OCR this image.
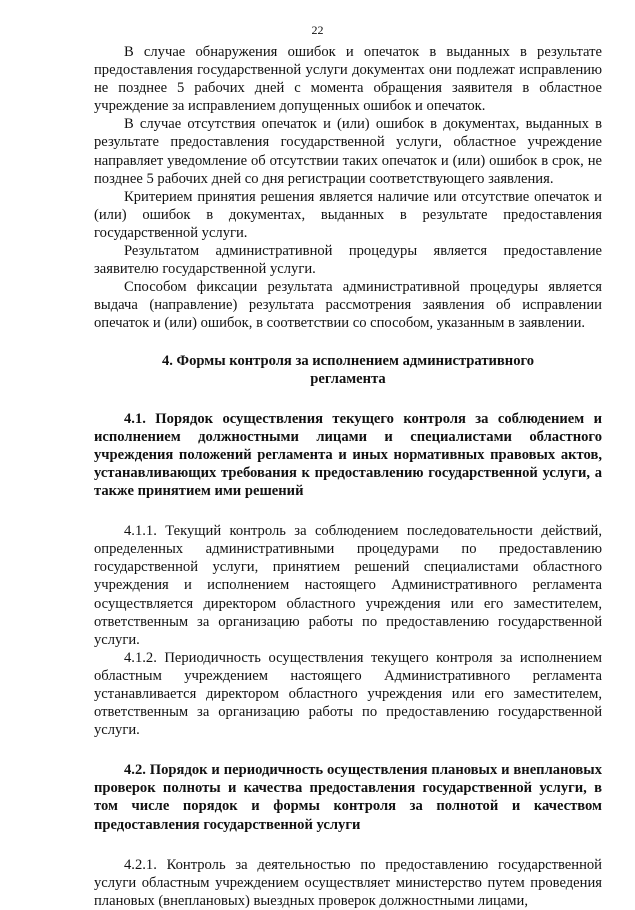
22

В случае обнаружения ошибок и опечаток в выданных в результате предоставления государственной услуги документах они подлежат исправлению не позднее 5 рабочих дней с момента обращения заявителя в областное учреждение за исправлением допущенных ошибок и опечаток.

В случае отсутствия опечаток и (или) ошибок в документах, выданных в результате предоставления государственной услуги, областное учреждение направляет уведомление об отсутствии таких опечаток и (или) ошибок в срок, не позднее 5 рабочих дней со дня регистрации соответствующего заявления.

Критерием принятия решения является наличие или отсутствие опечаток и (или) ошибок в документах, выданных в результате предоставления государственной услуги.

Результатом административной процедуры является предоставление заявителю государственной услуги.

Способом фиксации результата административной процедуры является выдача (направление) результата рассмотрения заявления об исправлении опечаток и (или) ошибок, в соответствии со способом, указанным в заявлении.

4. Формы контроля за исполнением административного регламента
4.1. Порядок осуществления текущего контроля за соблюдением и исполнением должностными лицами и специалистами областного учреждения положений регламента и иных нормативных правовых актов, устанавливающих требования к предоставлению государственной услуги, а также принятием ими решений

4.1.1. Текущий контроль за соблюдением последовательности действий, определенных административными процедурами по предоставлению государственной услуги, принятием решений специалистами областного учреждения и исполнением настоящего Административного регламента осуществляется директором областного учреждения или его заместителем, ответственным за организацию работы по предоставлению государственной услуги.

4.1.2. Периодичность осуществления текущего контроля за исполнением областным учреждением настоящего Административного регламента устанавливается директором областного учреждения или его заместителем, ответственным за организацию работы по предоставлению государственной услуги.

4.2. Порядок и периодичность осуществления плановых и внеплановых проверок полноты и качества предоставления государственной услуги, в том числе порядок и формы контроля за полнотой и качеством предоставления государственной услуги

4.2.1. Контроль за деятельностью по предоставлению государственной услуги областным учреждением осуществляет министерство путем проведения плановых (внеплановых) выездных проверок должностными лицами,
